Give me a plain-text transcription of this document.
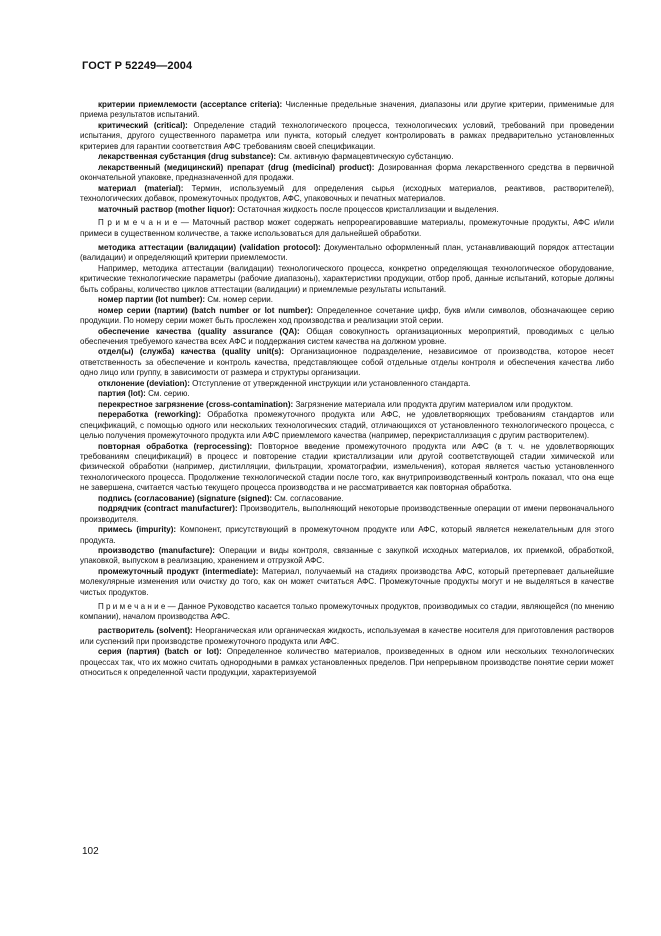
ГОСТ Р 52249—2004

критерии приемлемости (acceptance criteria): Численные предельные значения, диапазоны или другие критерии, применимые для приема результатов испытаний.

критический (critical): Определение стадий технологического процесса, технологических условий, требований при проведении испытания, другого существенного параметра или пункта, который следует контролировать в рамках предварительно установленных критериев для гарантии соответствия АФС требованиям своей спецификации.

лекарственная субстанция (drug substance): См. активную фармацевтическую субстанцию.

лекарственный (медицинский) препарат (drug (medicinal) product): Дозированная форма лекарственного средства в первичной окончательной упаковке, предназначенной для продажи.

материал (material): Термин, используемый для определения сырья (исходных материалов, реактивов, растворителей), технологических добавок, промежуточных продуктов, АФС, упаковочных и печатных материалов.

маточный раствор (mother liquor): Остаточная жидкость после процессов кристаллизации и выделения.

П р и м е ч а н и е — Маточный раствор может содержать непрореагировавшие материалы, промежуточные продукты, АФС и/или примеси в существенном количестве, а также использоваться для дальнейшей обработки.

методика аттестации (валидации) (validation protocol): Документально оформленный план, устанавливающий порядок аттестации (валидации) и определяющий критерии приемлемости.

Например, методика аттестации (валидации) технологического процесса, конкретно определяющая технологическое оборудование, критические технологические параметры (рабочие диапазоны), характеристики продукции, отбор проб, данные испытаний, которые должны быть собраны, количество циклов аттестации (валидации) и приемлемые результаты испытаний.

номер партии (lot number): См. номер серии.

номер серии (партии) (batch number or lot number): Определенное сочетание цифр, букв и/или символов, обозначающее серию продукции. По номеру серии может быть прослежен ход производства и реализации этой серии.

обеспечение качества (quality assurance (QA): Общая совокупность организационных мероприятий, проводимых с целью обеспечения требуемого качества всех АФС и поддержания систем качества на должном уровне.

отдел(ы) (служба) качества (quality unit(s): Организационное подразделение, независимое от производства, которое несет ответственность за обеспечение и контроль качества, представляющее собой отдельные отделы контроля и обеспечения качества либо одно лицо или группу, в зависимости от размера и структуры организации.

отклонение (deviation): Отступление от утвержденной инструкции или установленного стандарта.

партия (lot): См. серию.

перекрестное загрязнение (cross-contamination): Загрязнение материала или продукта другим материалом или продуктом.

переработка (reworking): Обработка промежуточного продукта или АФС, не удовлетворяющих требованиям стандартов или спецификаций, с помощью одного или нескольких технологических стадий, отличающихся от установленного технологического процесса, с целью получения промежуточного продукта или АФС приемлемого качества (например, перекристаллизация с другим растворителем).

повторная обработка (reprocessing): Повторное введение промежуточного продукта или АФС (в т. ч. не удовлетворяющих требованиям спецификаций) в процесс и повторение стадии кристаллизации или другой соответствующей стадии химической или физической обработки (например, дистилляции, фильтрации, хроматографии, измельчения), которая является частью установленного технологического процесса. Продолжение технологической стадии после того, как внутрипроизводственный контроль показал, что она еще не завершена, считается частью текущего процесса производства и не рассматривается как повторная обработка.

подпись (согласование) (signature (signed): См. согласование.

подрядчик (contract manufacturer): Производитель, выполняющий некоторые производственные операции от имени первоначального производителя.

примесь (impurity): Компонент, присутствующий в промежуточном продукте или АФС, который является нежелательным для этого продукта.

производство (manufacture): Операции и виды контроля, связанные с закупкой исходных материалов, их приемкой, обработкой, упаковкой, выпуском в реализацию, хранением и отгрузкой АФС.

промежуточный продукт (intermediate): Материал, получаемый на стадиях производства АФС, который претерпевает дальнейшие молекулярные изменения или очистку до того, как он может считаться АФС. Промежуточные продукты могут и не выделяться в качестве чистых продуктов.

П р и м е ч а н и е — Данное Руководство касается только промежуточных продуктов, производимых со стадии, являющейся (по мнению компании), началом производства АФС.

растворитель (solvent): Неорганическая или органическая жидкость, используемая в качестве носителя для приготовления растворов или суспензий при производстве промежуточного продукта или АФС.

серия (партия) (batch or lot): Определенное количество материалов, произведенных в одном или нескольких технологических процессах так, что их можно считать однородными в рамках установленных пределов. При непрерывном производстве понятие серии может относиться к определенной части продукции, характеризуемой

102
